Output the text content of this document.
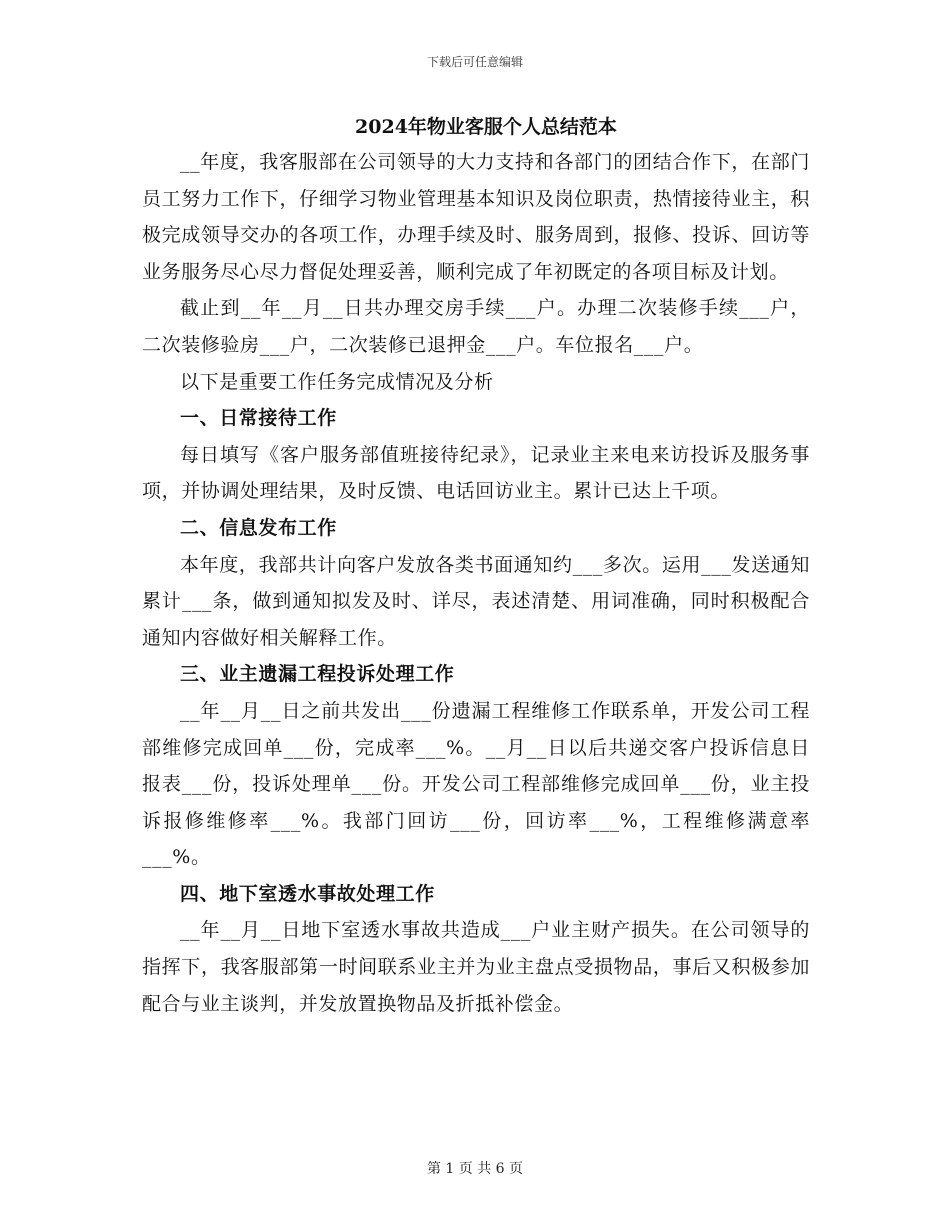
下载后可任意编辑
2024年物业客服个人总结范本

__年度，我客服部在公司领导的大力支持和各部门的团结合作下，在部门员工努力工作下，仔细学习物业管理基本知识及岗位职责，热情接待业主，积极完成领导交办的各项工作，办理手续及时、服务周到，报修、投诉、回访等业务服务尽心尽力督促处理妥善，顺利完成了年初既定的各项目标及计划。

截止到__年__月__日共办理交房手续___户。办理二次装修手续___户，二次装修验房___户，二次装修已退押金___户。车位报名___户。

以下是重要工作任务完成情况及分析

一、日常接待工作

每日填写《客户服务部值班接待纪录》，记录业主来电来访投诉及服务事项，并协调处理结果，及时反馈、电话回访业主。累计已达上千项。

二、信息发布工作

本年度，我部共计向客户发放各类书面通知约___多次。运用___发送通知累计___条，做到通知拟发及时、详尽，表述清楚、用词准确，同时积极配合通知内容做好相关解释工作。

三、业主遗漏工程投诉处理工作

__年__月__日之前共发出___份遗漏工程维修工作联系单，开发公司工程部维修完成回单___份，完成率___%。__月__日以后共递交客户投诉信息日报表___份，投诉处理单___份。开发公司工程部维修完成回单___份，业主投诉报修维修率___%。我部门回访___份，回访率___%，工程维修满意率___%。

四、地下室透水事故处理工作

__年__月__日地下室透水事故共造成___户业主财产损失。在公司领导的指挥下，我客服部第一时间联系业主并为业主盘点受损物品，事后又积极参加配合与业主谈判，并发放置换物品及折抵补偿金。

第 1 页 共 6 页
